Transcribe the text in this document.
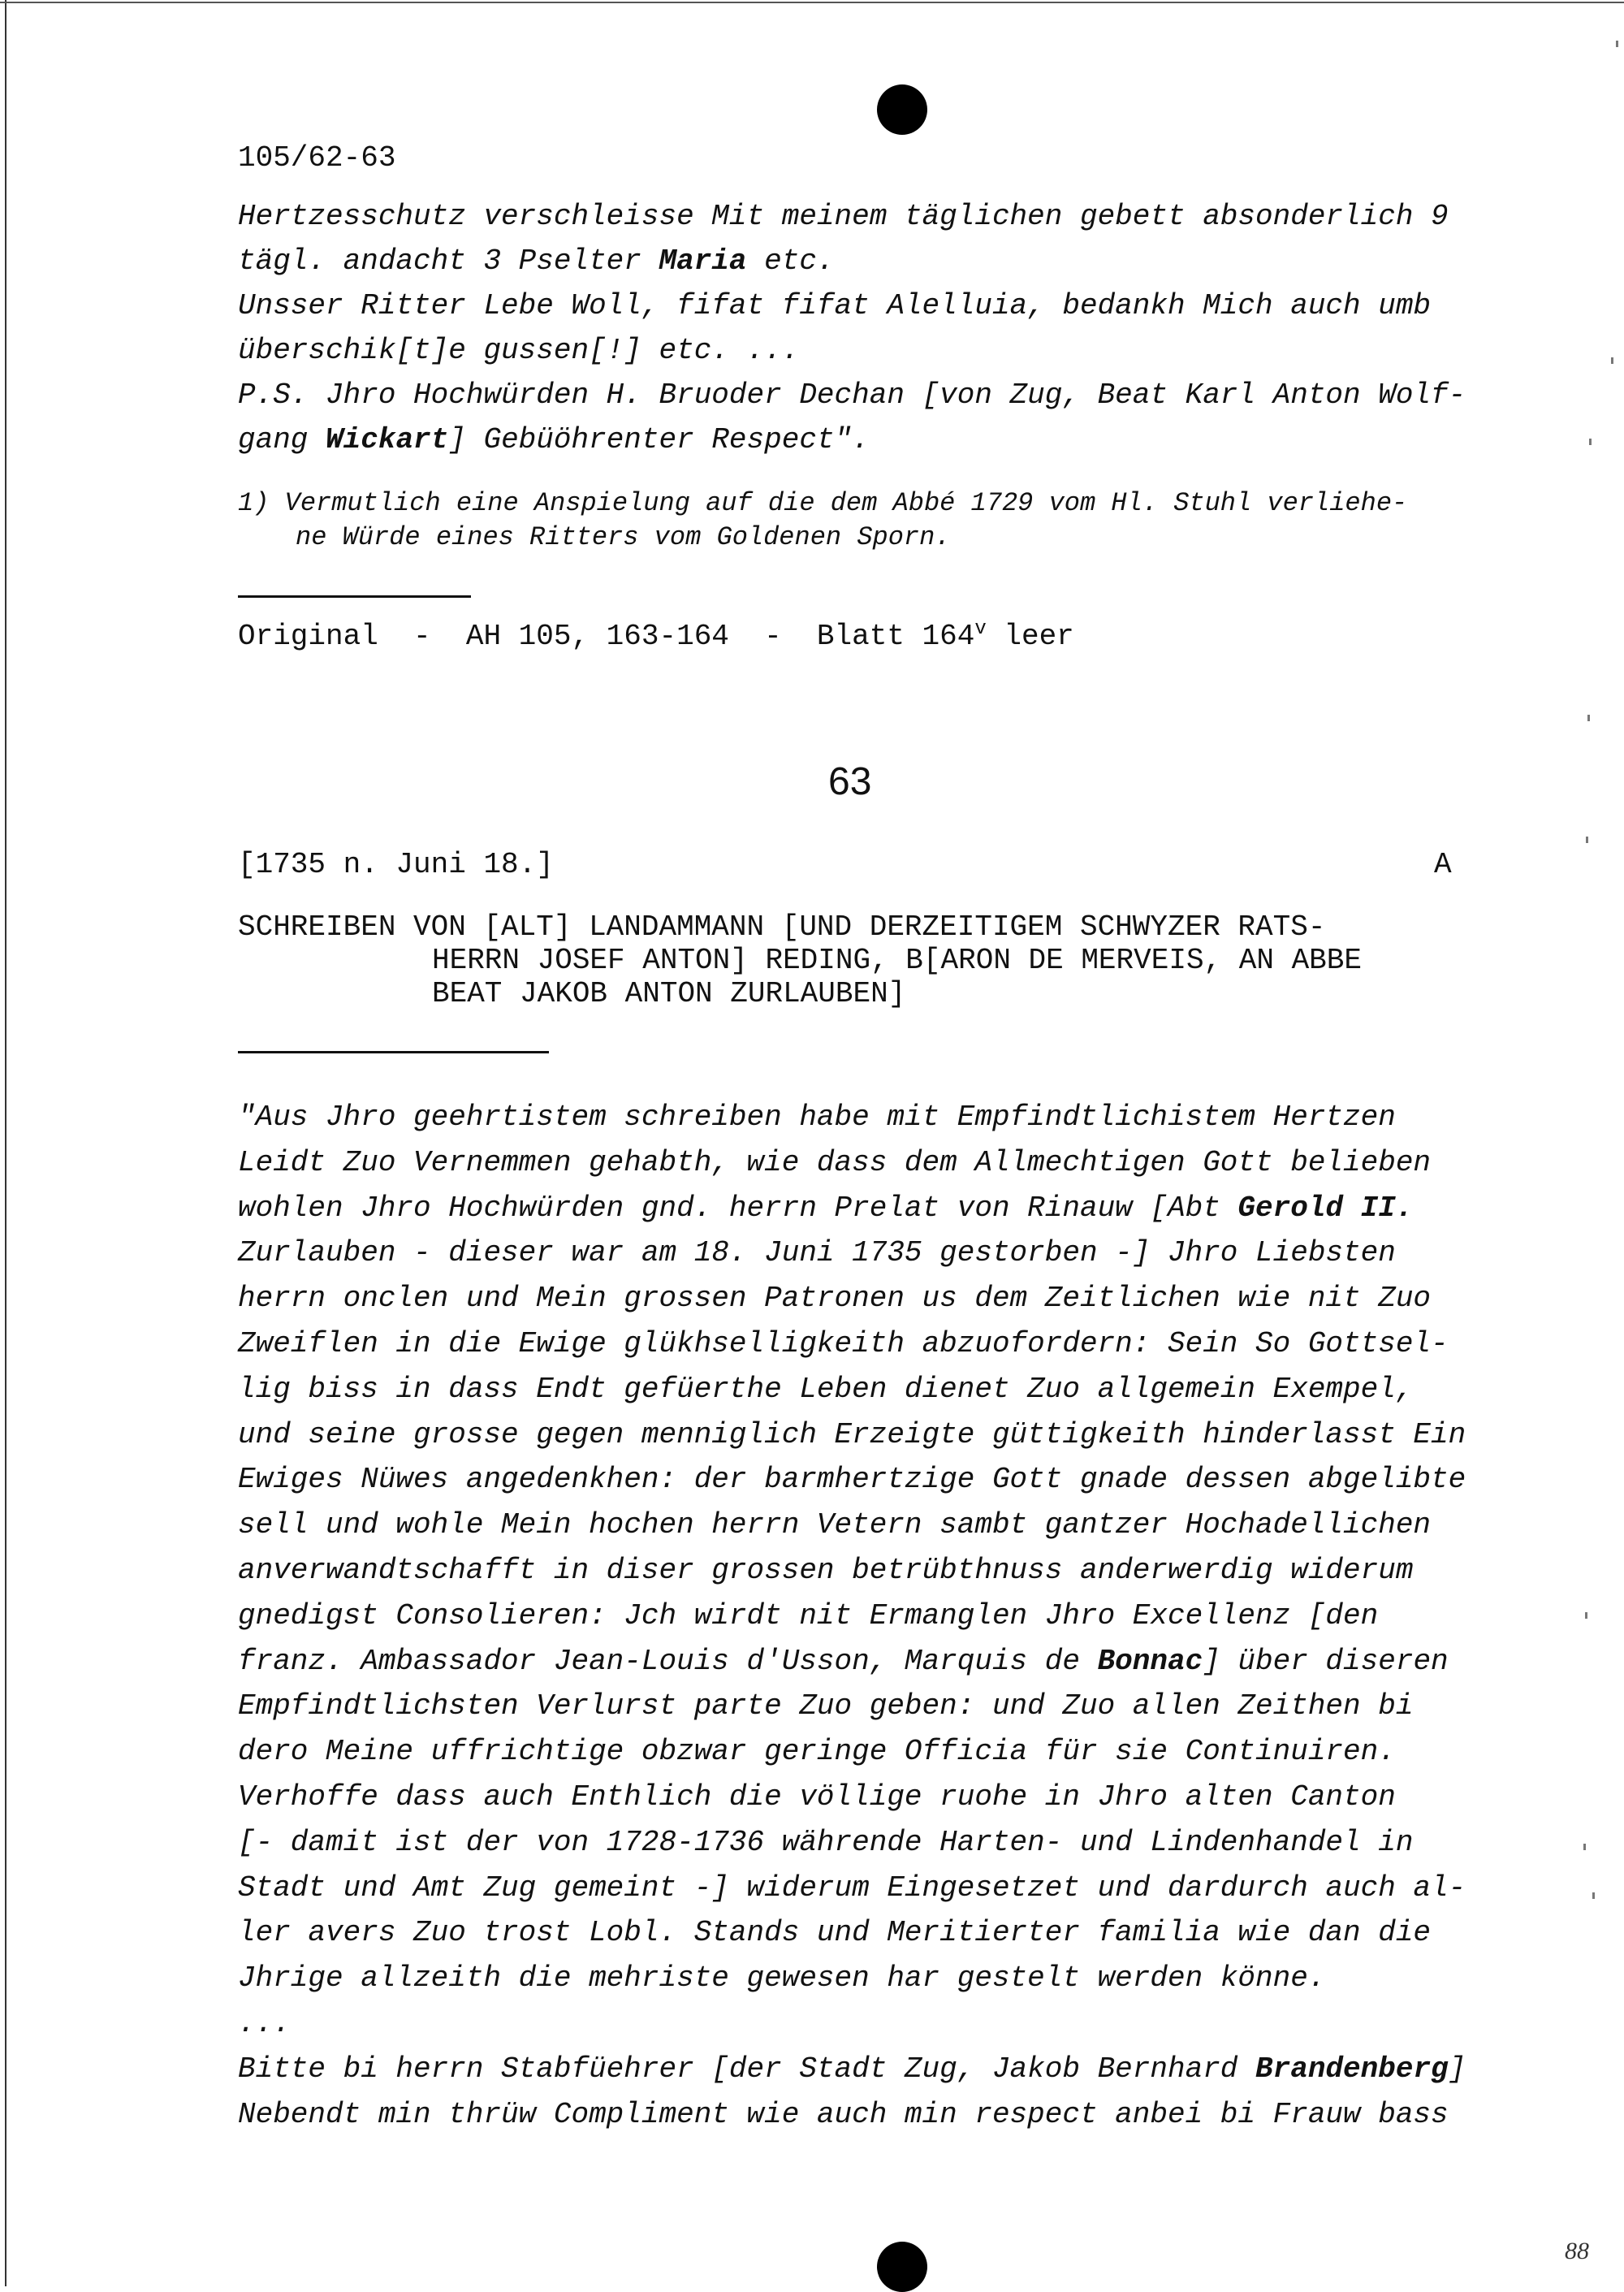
105/62-63
Hertzesschutz verschleisse Mit meinem täglichen gebett absonderlich 9
tägl. andacht 3 Pselter Maria etc.
Unsser Ritter Lebe Woll, fifat fifat Alelluia, bedankh Mich auch umb
überschik[t]e gussen[!] etc. ...
P.S. Jhro Hochwürden H. Bruoder Dechan [von Zug, Beat Karl Anton Wolf-
gang Wickart] Gebüöhrenter Respect".
1) Vermutlich eine Anspielung auf die dem Abbé 1729 vom Hl. Stuhl verliehe-
ne Würde eines Ritters vom Goldenen Sporn.
Original  -  AH 105, 163-164  -  Blatt 164$^v$ leer
63
[1735 n. Juni 18.]	A
SCHREIBEN VON [ALT] LANDAMMANN [UND DERZEITIGEM SCHWYZER RATS-
HERRN JOSEF ANTON] REDING, B[ARON DE MERVEIS, AN ABBE
BEAT JAKOB ANTON ZURLAUBEN]
"Aus Jhro geehrtistem schreiben habe mit Empfindtlichistem Hertzen
Leidt Zuo Vernemmen gehabth, wie dass dem Allmechtigen Gott belieben
wohlen Jhro Hochwürden gnd. herrn Prelat von Rinauw [Abt Gerold II.
Zurlauben - dieser war am 18. Juni 1735 gestorben -] Jhro Liebsten
herrn onclen und Mein grossen Patronen us dem Zeitlichen wie nit Zuo
Zweiflen in die Ewige glükhselligkeith abzuofordern: Sein So Gottsel-
lig biss in dass Endt gefüerthe Leben dienet Zuo allgemein Exempel,
und seine grosse gegen menniglich Erzeigte güttigkeith hinderlasst Ein
Ewiges Nüwes angedenkhen: der barmhertzige Gott gnade dessen abgelibte
sell und wohle Mein hochen herrn Vetern sambt gantzer Hochadellichen
anverwandtschafft in diser grossen betrübthnuss anderwerdig widerum
gnedigst Consolieren: Jch wirdt nit Ermanglen Jhro Excellenz [den
franz. Ambassador Jean-Louis d'Usson, Marquis de Bonnac] über diseren
Empfindtlichsten Verlurst parte Zuo geben: und Zuo allen Zeithen bi
dero Meine uffrichtige obzwar geringe Officia für sie Continuiren.
Verhoffe dass auch Enthlich die völlige ruohe in Jhro alten Canton
[- damit ist der von 1728-1736 währende Harten- und Lindenhandel in
Stadt und Amt Zug gemeint -] widerum Eingesetzet und dardurch auch al-
ler avers Zuo trost Lobl. Stands und Meritierter familia wie dan die
Jhrige allzeith die mehriste gewesen har gestelt werden könne.
...
Bitte bi herrn Stabfüehrer [der Stadt Zug, Jakob Bernhard Brandenberg]
Nebendt min thrüw Compliment wie auch min respect anbei bi Frauw bass
88
